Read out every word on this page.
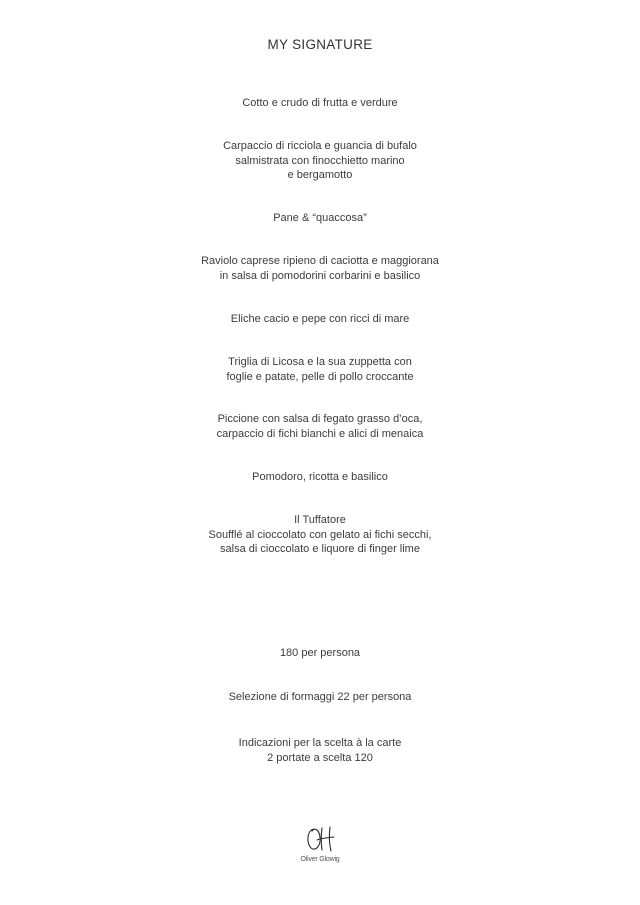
MY SIGNATURE
Cotto e crudo di frutta e verdure
Carpaccio di ricciola e guancia di bufalo
salmistrata con finocchietto marino
e bergamotto
Pane & “quaccosa”
Raviolo caprese ripieno di caciotta e maggiorana
in salsa di pomodorini corbarini e basilico
Eliche cacio e pepe con ricci di mare
Triglia di Licosa e la sua zuppetta con
foglie e patate, pelle di pollo croccante
Piccione con salsa di fegato grasso d’oca,
carpaccio di fichi bianchi e alici di menaica
Pomodoro, ricotta e basilico
Il Tuffatore
Soufflé al cioccolato con gelato ai fichi secchi,
salsa di cioccolato e liquore di finger lime
180 per persona
Selezione di formaggi 22 per persona
Indicazioni per la scelta à la carte
2 portate a scelta 120
Oliver Glowig
